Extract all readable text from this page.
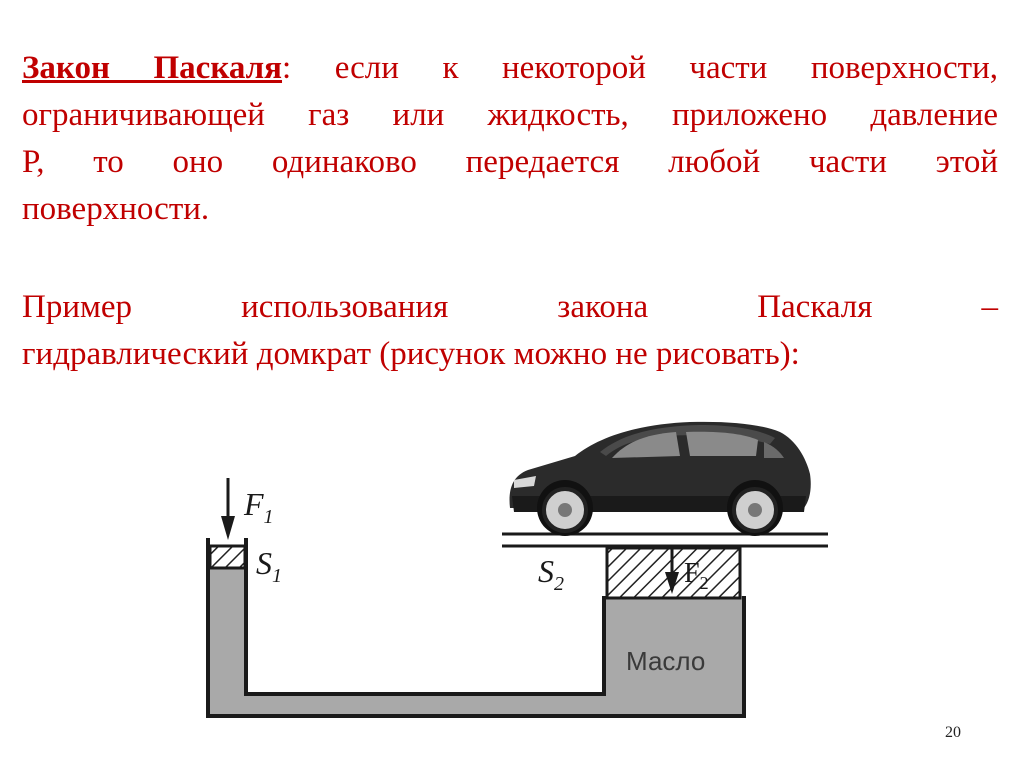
Закон Паскаля: если к некоторой части поверхности,
ограничивающей газ или жидкость, приложено давление
Р, то оно одинаково передается любой части этой
поверхности.
Пример использования закона Паскаля –
гидравлический домкрат (рисунок можно не рисовать):
$F_1$
$S_1$	$S_2$	$F_2$
Масло
20
